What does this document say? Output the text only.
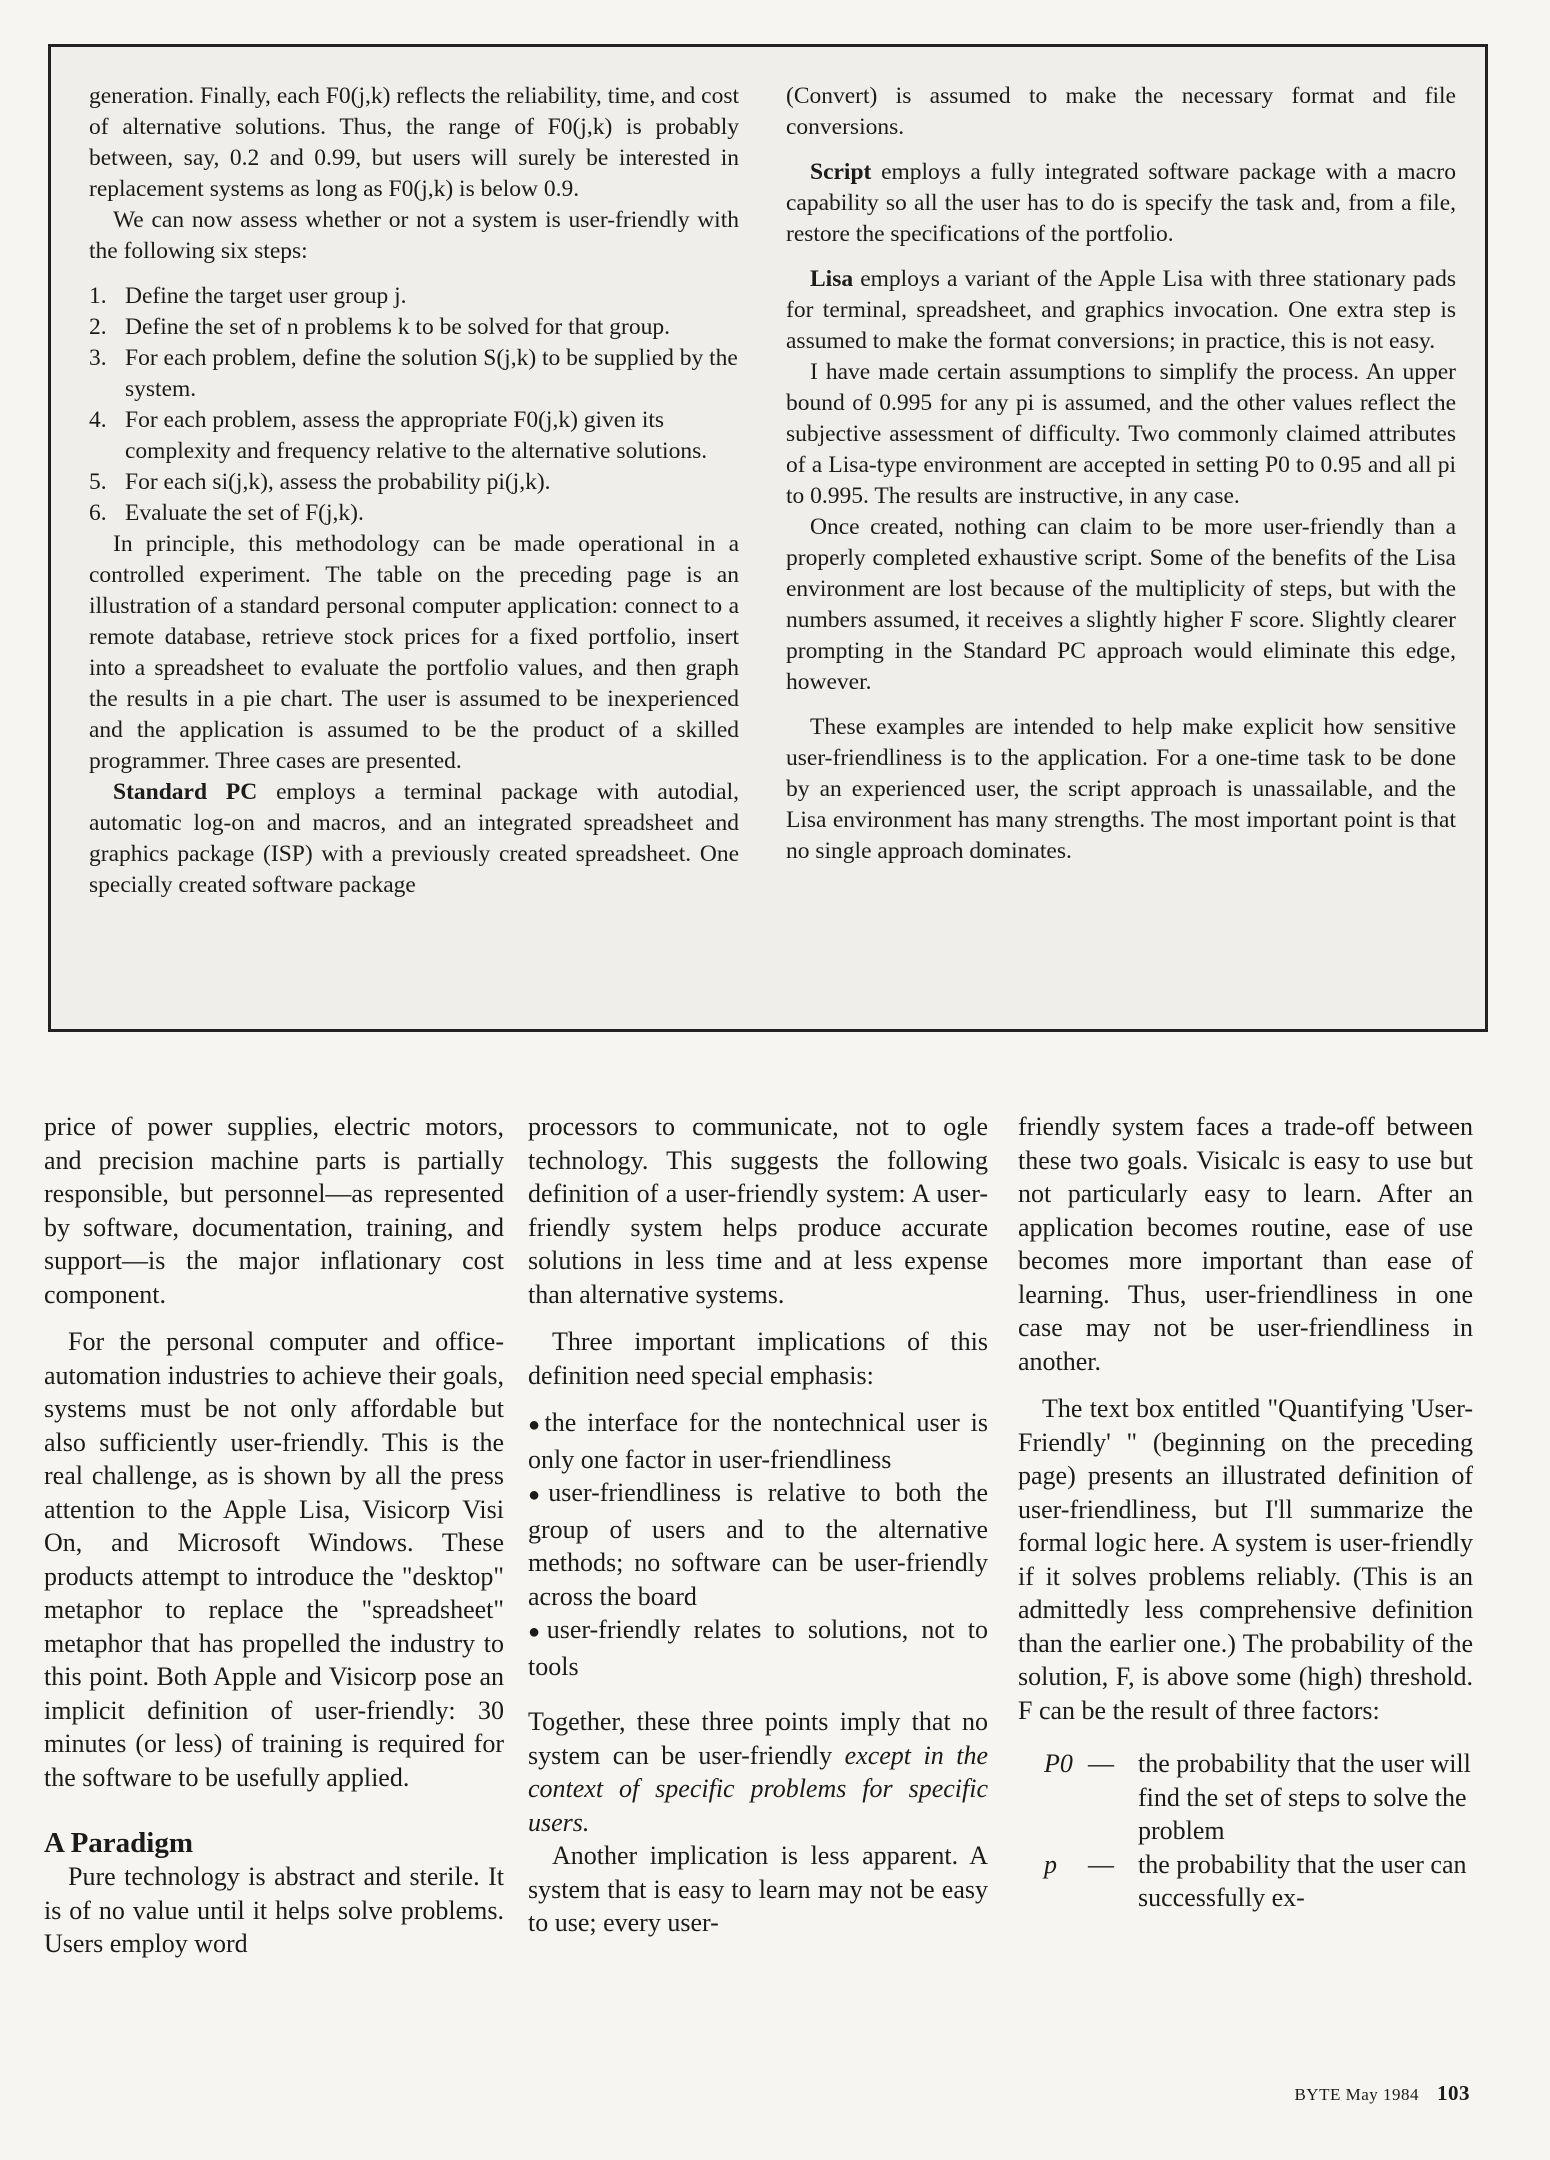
generation. Finally, each F0(j,k) reflects the reliability, time, and cost of alternative solutions. Thus, the range of F0(j,k) is probably between, say, 0.2 and 0.99, but users will surely be interested in replacement systems as long as F0(j,k) is below 0.9.

We can now assess whether or not a system is user-friendly with the following six steps:

1. Define the target user group j.
2. Define the set of n problems k to be solved for that group.
3. For each problem, define the solution S(j,k) to be supplied by the system.
4. For each problem, assess the appropriate F0(j,k) given its complexity and frequency relative to the alternative solutions.
5. For each si(j,k), assess the probability pi(j,k).
6. Evaluate the set of F(j,k).

In principle, this methodology can be made operational in a controlled experiment. The table on the preceding page is an illustration of a standard personal computer application: connect to a remote database, retrieve stock prices for a fixed portfolio, insert into a spreadsheet to evaluate the portfolio values, and then graph the results in a pie chart. The user is assumed to be inexperienced and the application is assumed to be the product of a skilled programmer. Three cases are presented.

Standard PC employs a terminal package with autodial, automatic log-on and macros, and an integrated spreadsheet and graphics package (ISP) with a previously created spreadsheet. One specially created software package

(Convert) is assumed to make the necessary format and file conversions.

Script employs a fully integrated software package with a macro capability so all the user has to do is specify the task and, from a file, restore the specifications of the portfolio.

Lisa employs a variant of the Apple Lisa with three stationary pads for terminal, spreadsheet, and graphics invocation. One extra step is assumed to make the format conversions; in practice, this is not easy.

I have made certain assumptions to simplify the process. An upper bound of 0.995 for any pi is assumed, and the other values reflect the subjective assessment of difficulty. Two commonly claimed attributes of a Lisa-type environment are accepted in setting P0 to 0.95 and all pi to 0.995. The results are instructive, in any case.

Once created, nothing can claim to be more user-friendly than a properly completed exhaustive script. Some of the benefits of the Lisa environment are lost because of the multiplicity of steps, but with the numbers assumed, it receives a slightly higher F score. Slightly clearer prompting in the Standard PC approach would eliminate this edge, however.

These examples are intended to help make explicit how sensitive user-friendliness is to the application. For a one-time task to be done by an experienced user, the script approach is unassailable, and the Lisa environment has many strengths. The most important point is that no single approach dominates.

price of power supplies, electric motors, and precision machine parts is partially responsible, but personnel—as represented by software, documentation, training, and support—is the major inflationary cost component.

For the personal computer and office-automation industries to achieve their goals, systems must be not only affordable but also sufficiently user-friendly. This is the real challenge, as is shown by all the press attention to the Apple Lisa, Visicorp Visi On, and Microsoft Windows. These products attempt to introduce the "desktop" metaphor to replace the "spreadsheet" metaphor that has propelled the industry to this point. Both Apple and Visicorp pose an implicit definition of user-friendly: 30 minutes (or less) of training is required for the software to be usefully applied.

A Paradigm

Pure technology is abstract and sterile. It is of no value until it helps solve problems. Users employ word

processors to communicate, not to ogle technology. This suggests the following definition of a user-friendly system: A user-friendly system helps produce accurate solutions in less time and at less expense than alternative systems.

Three important implications of this definition need special emphasis:

●the interface for the nontechnical user is only one factor in user-friendliness
●user-friendliness is relative to both the group of users and to the alternative methods; no software can be user-friendly across the board
●user-friendly relates to solutions, not to tools

Together, these three points imply that no system can be user-friendly except in the context of specific problems for specific users.

Another implication is less apparent. A system that is easy to learn may not be easy to use; every user-

friendly system faces a trade-off between these two goals. Visicalc is easy to use but not particularly easy to learn. After an application becomes routine, ease of use becomes more important than ease of learning. Thus, user-friendliness in one case may not be user-friendliness in another.

The text box entitled "Quantifying 'User-Friendly' " (beginning on the preceding page) presents an illustrated definition of user-friendliness, but I'll summarize the formal logic here. A system is user-friendly if it solves problems reliably. (This is an admittedly less comprehensive definition than the earlier one.) The probability of the solution, F, is above some (high) threshold. F can be the result of three factors:

P0 — the probability that the user will find the set of steps to solve the problem
p — the probability that the user can successfully ex-
BYTE May 1984 103
